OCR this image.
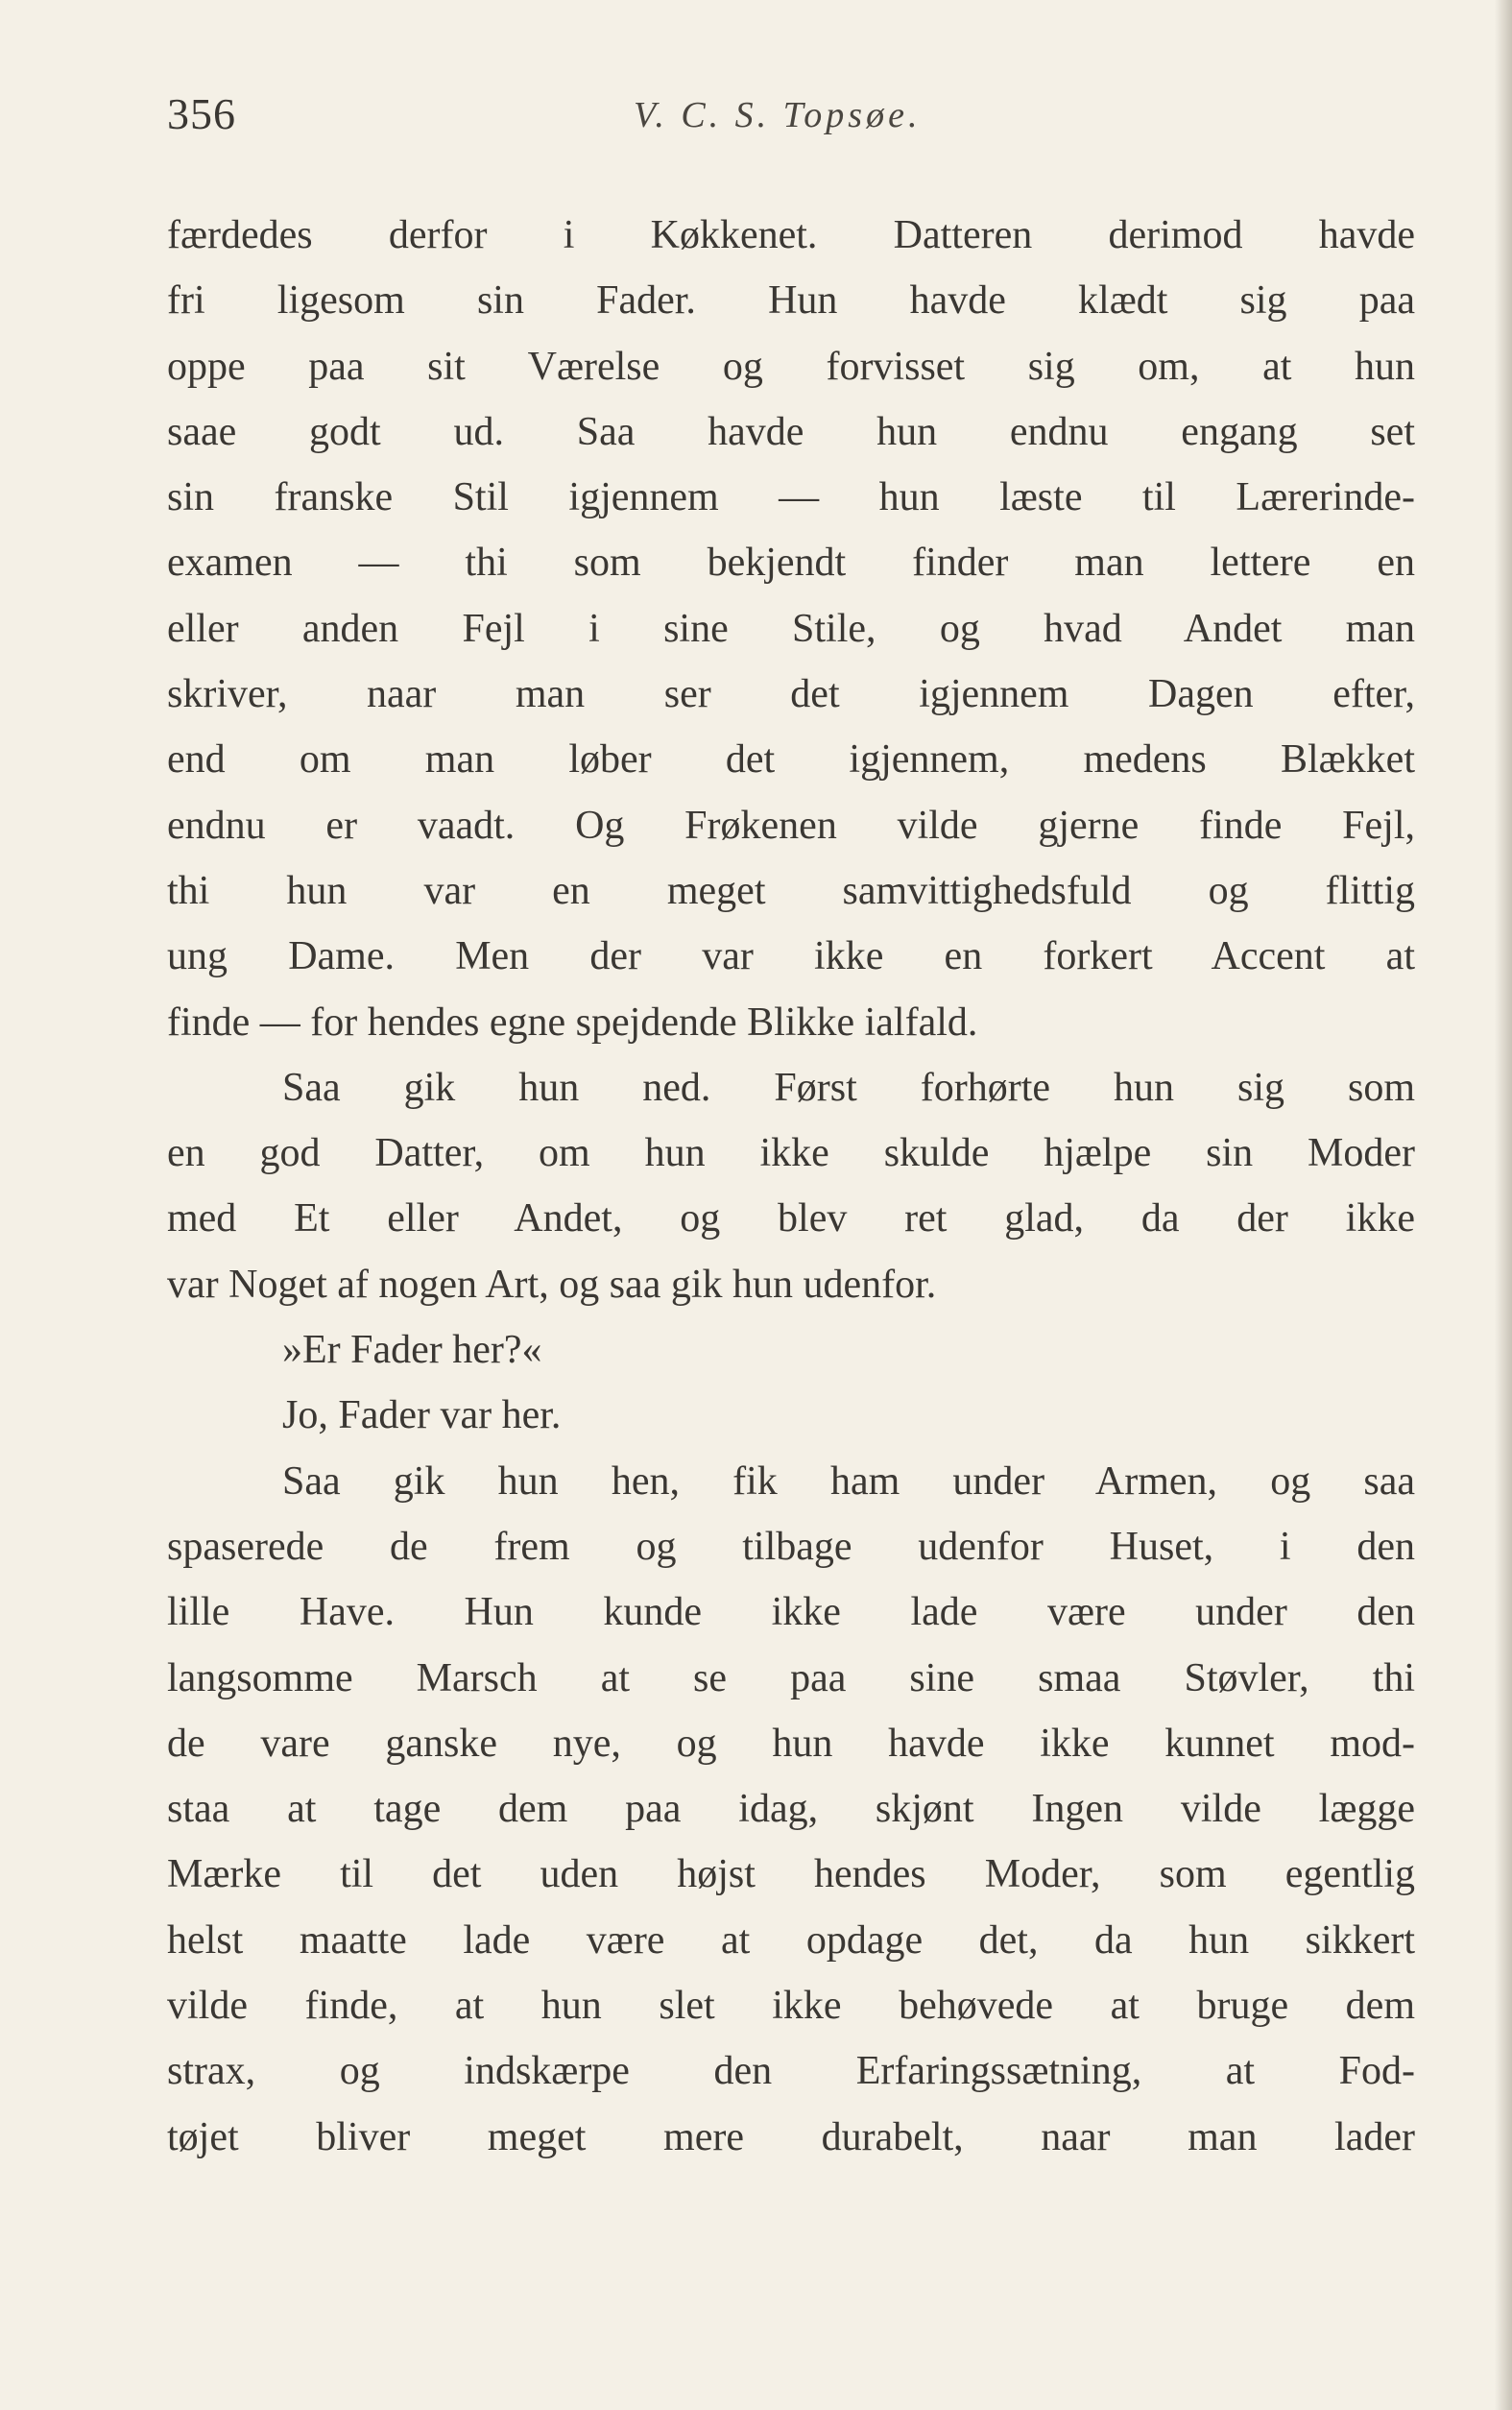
356	V. C. S. Topsøe.
færdedes derfor i Køkkenet. Datteren derimod havde
fri ligesom sin Fader. Hun havde klædt sig paa
oppe paa sit Værelse og forvisset sig om, at hun
saae godt ud. Saa havde hun endnu engang set
sin franske Stil igjennem — hun læste til Lærerinde-
examen — thi som bekjendt finder man lettere en
eller anden Fejl i sine Stile, og hvad Andet man
skriver, naar man ser det igjennem Dagen efter,
end om man løber det igjennem, medens Blækket
endnu er vaadt. Og Frøkenen vilde gjerne finde Fejl,
thi hun var en meget samvittighedsfuld og flittig
ung Dame. Men der var ikke en forkert Accent at
finde — for hendes egne spejdende Blikke ialfald.
Saa gik hun ned. Først forhørte hun sig som
en god Datter, om hun ikke skulde hjælpe sin Moder
med Et eller Andet, og blev ret glad, da der ikke
var Noget af nogen Art, og saa gik hun udenfor.
»Er Fader her?«
Jo, Fader var her.
Saa gik hun hen, fik ham under Armen, og saa
spaserede de frem og tilbage udenfor Huset, i den
lille Have. Hun kunde ikke lade være under den
langsomme Marsch at se paa sine smaa Støvler, thi
de vare ganske nye, og hun havde ikke kunnet mod-
staa at tage dem paa idag, skjønt Ingen vilde lægge
Mærke til det uden højst hendes Moder, som egentlig
helst maatte lade være at opdage det, da hun sikkert
vilde finde, at hun slet ikke behøvede at bruge dem
strax, og indskærpe den Erfaringssætning, at Fod-
tøjet bliver meget mere durabelt, naar man lader
